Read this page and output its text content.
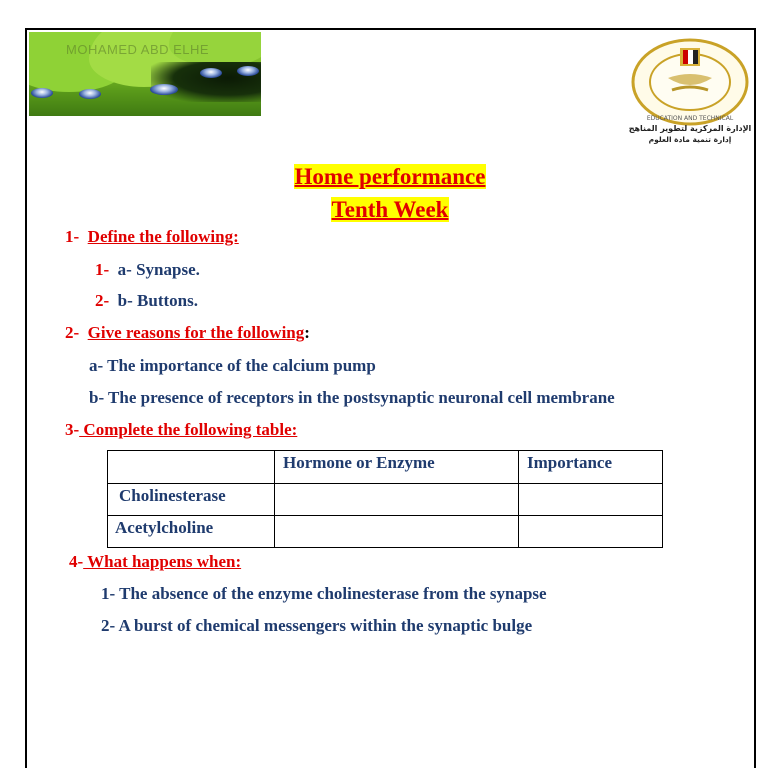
MOHAMED ABD ELHE
EDUCATION AND TECHNICAL
الإدارة المركزية لتطوير المناهج
إدارة تنمية مادة العلوم
Home performance
Tenth Week
1- Define the following:
1- a- Synapse.
2- b- Buttons.
2- Give reasons for the following:
a- The importance of the calcium pump
b- The presence of receptors in the postsynaptic neuronal cell membrane
3- Complete the following table:
	Hormone or Enzyme	Importance
Cholinesterase		
Acetylcholine		
4- What happens when:
1- The absence of the enzyme cholinesterase from the synapse
2- A burst of chemical messengers within the synaptic bulge
